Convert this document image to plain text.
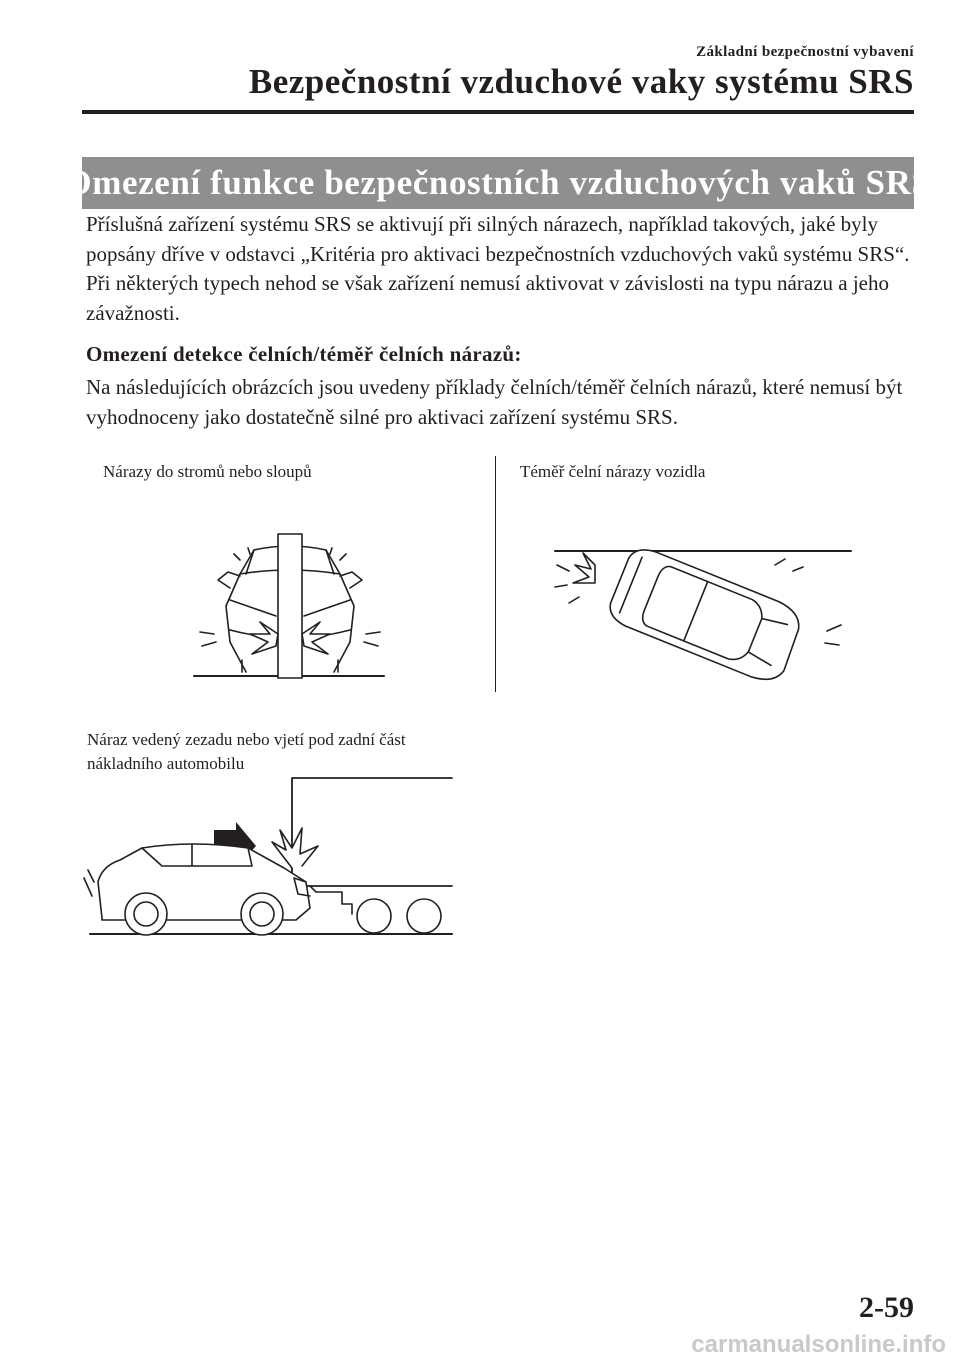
Základní bezpečnostní vybavení
Bezpečnostní vzduchové vaky systému SRS
Omezení funkce bezpečnostních vzduchových vaků SRS

Příslušná zařízení systému SRS se aktivují při silných nárazech, například takových, jaké byly popsány dříve v odstavci „Kritéria pro aktivaci bezpečnostních vzduchových vaků systému SRS“. Při některých typech nehod se však zařízení nemusí aktivovat v závislosti na typu nárazu a jeho závažnosti.

Omezení detekce čelních/téměř čelních nárazů:

Na následujících obrázcích jsou uvedeny příklady čelních/téměř čelních nárazů, které nemusí být vyhodnoceny jako dostatečně silné pro aktivaci zařízení systému SRS.

Nárazy do stromů nebo sloupů	Téměř čelní nárazy vozidla
Náraz vedený zezadu nebo vjetí pod zadní část nákladního automobilu
2-59
carmanualsonline.info
